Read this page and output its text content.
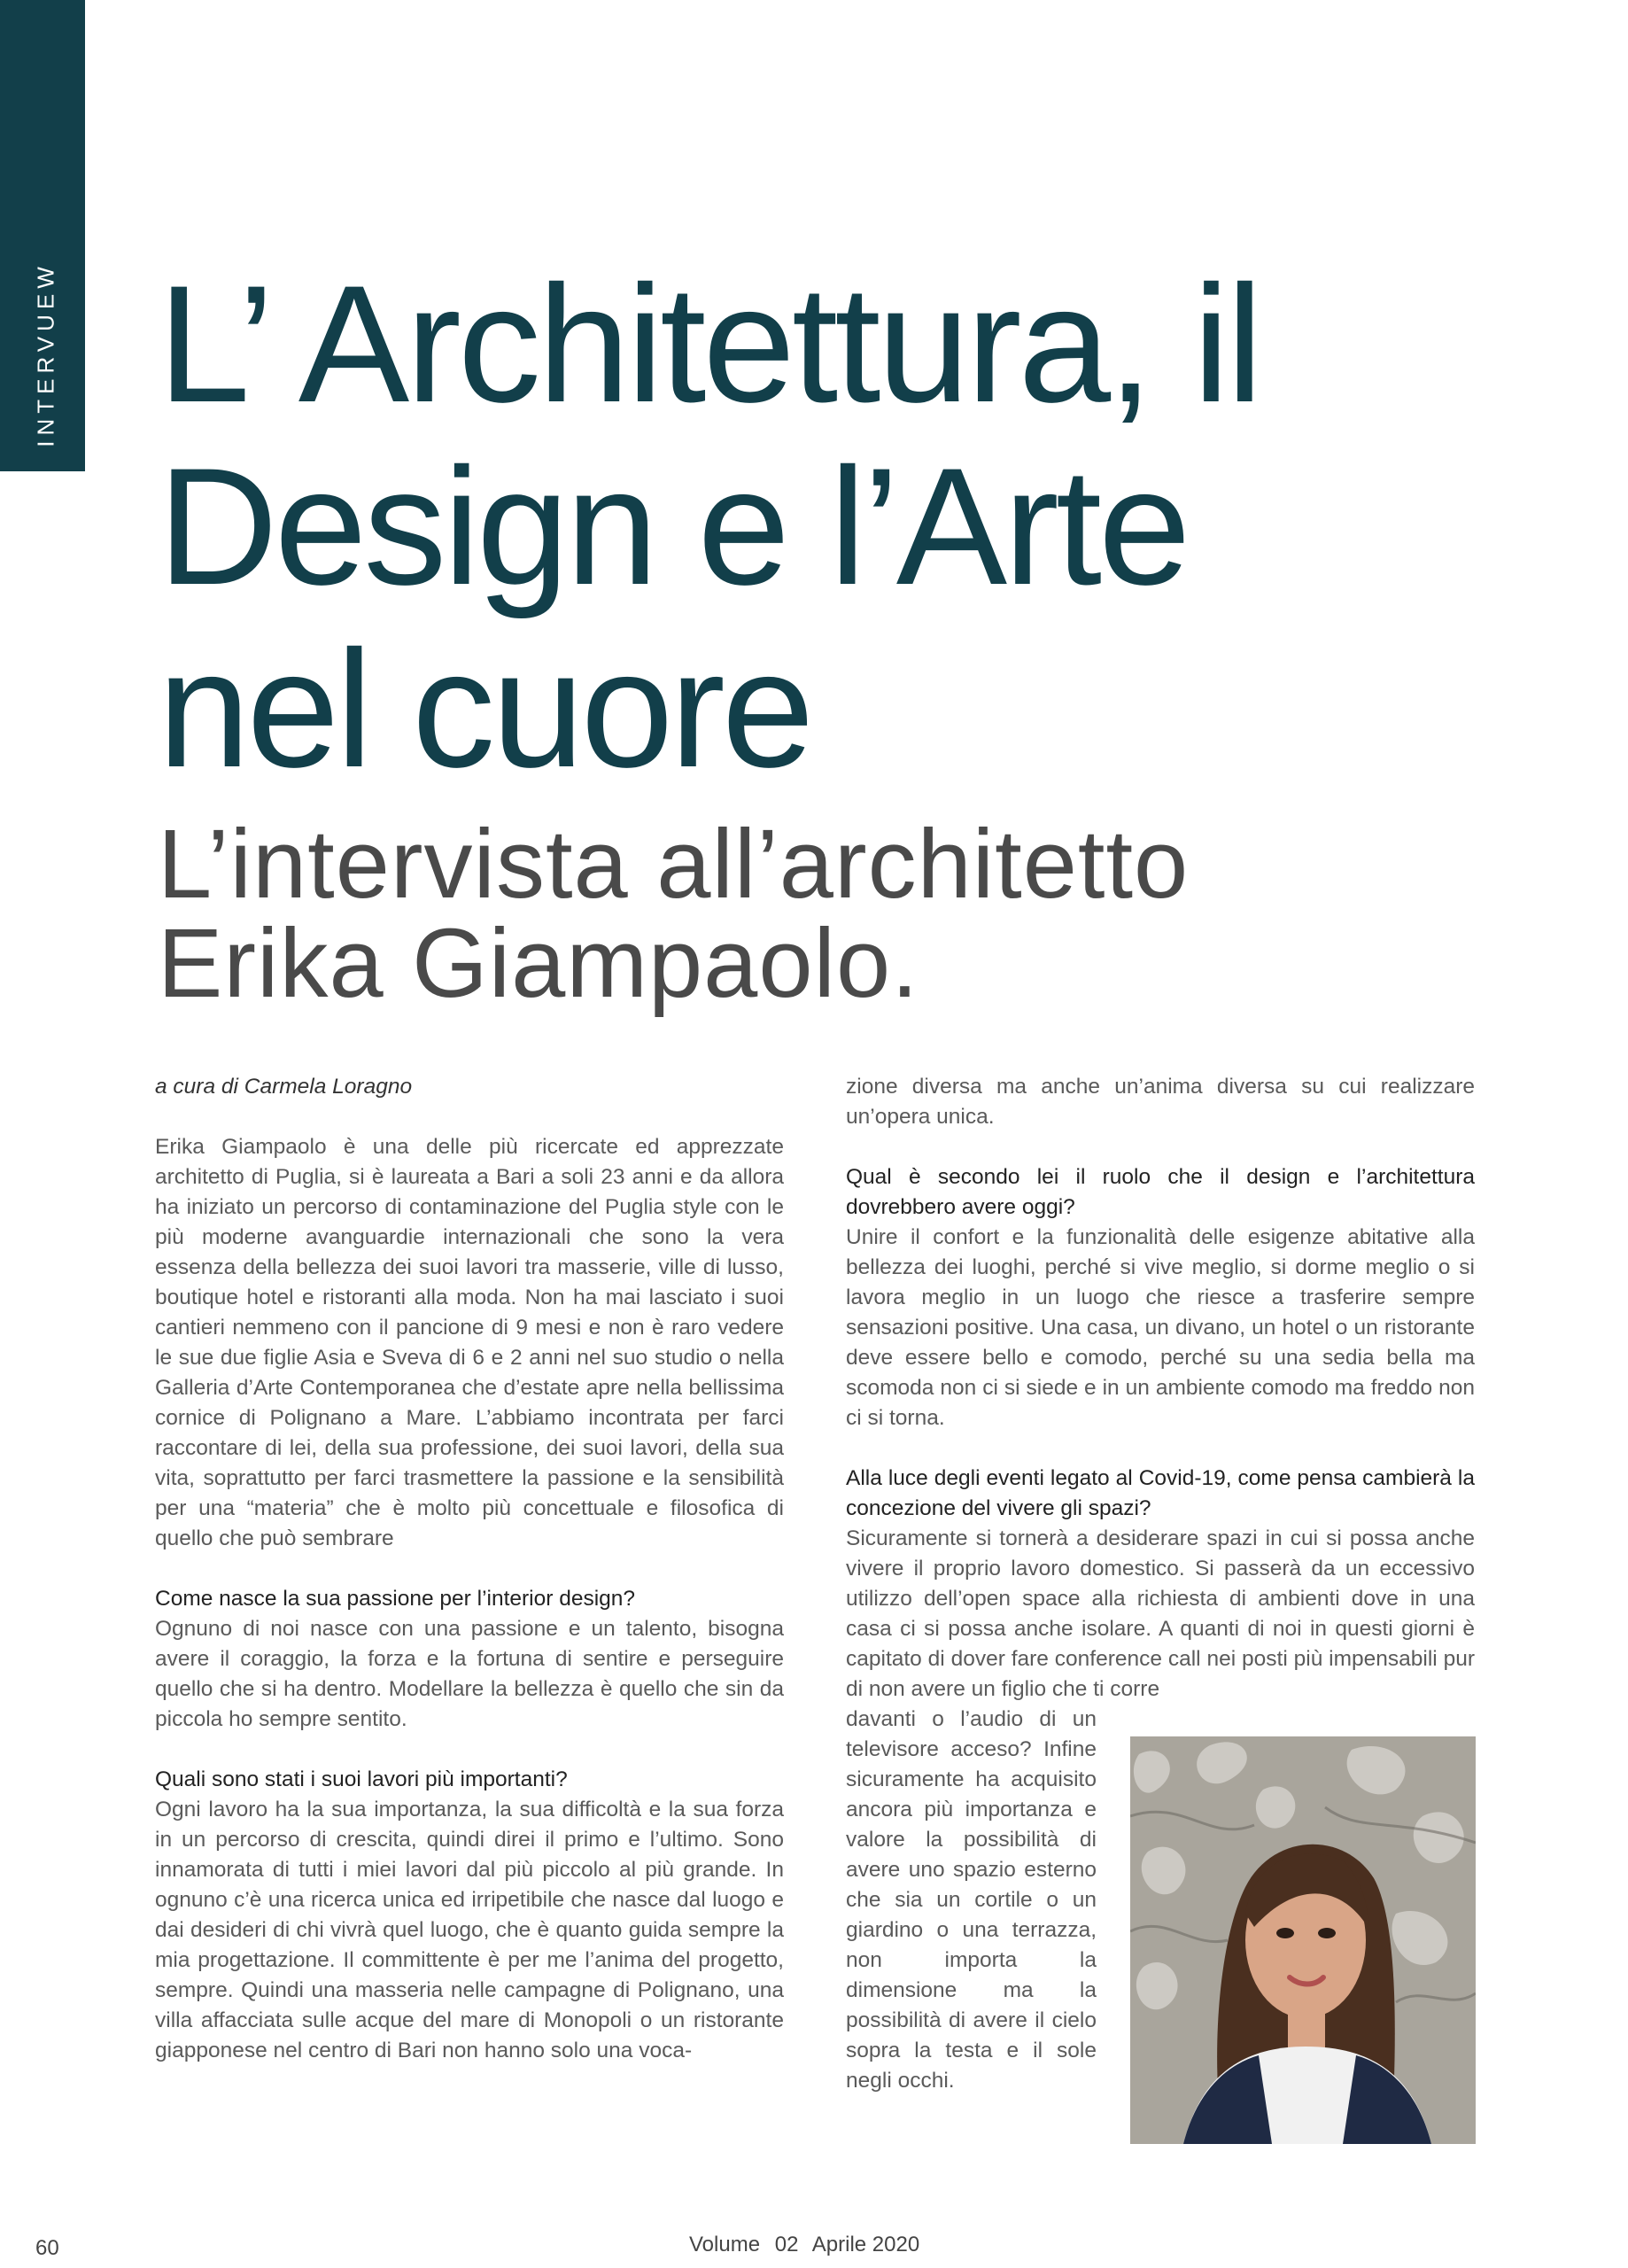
INTERVUEW L’ Architettura, il
Design e l’Arte
nel cuore
L’intervista all’architetto
Erika Giampaolo.

a cura di Carmela Loragno

Erika Giampaolo è una delle più ricercate ed apprezzate architetto di Puglia, si è laureata a Bari a soli 23 anni e da allora ha iniziato un percorso di contaminazione del Puglia style con le più moderne avanguardie internazionali che sono la vera essenza della bellezza dei suoi lavori tra masserie, ville di lusso, boutique hotel e ristoranti alla moda. Non ha mai lasciato i suoi cantieri nemmeno con il pancione di 9 mesi e non è raro vedere le sue due figlie Asia e Sveva di 6 e 2 anni nel suo studio o nella Galleria d’Arte Contemporanea che d’estate apre nella bellissima cornice di Polignano a Mare. L’abbiamo incontrata per farci raccontare di lei, della sua professione, dei suoi lavori, della sua vita, soprattutto per farci trasmettere la passione e la sensibilità per una “materia” che è molto più concettuale e filosofica di quello che può sembrare

Come nasce la sua passione per l’interior design?
Ognuno di noi nasce con una passione e un talento, bisogna avere il coraggio, la forza e la fortuna di sentire e perseguire quello che si ha dentro. Modellare la bellezza è quello che sin da piccola ho sempre sentito.

Quali sono stati i suoi lavori più importanti?
Ogni lavoro ha la sua importanza, la sua difficoltà e la sua forza in un percorso di crescita, quindi direi il primo e l’ultimo. Sono innamorata di tutti i miei lavori dal più piccolo al più grande. In ognuno c’è una ricerca unica ed irripetibile che nasce dal luogo e dai desideri di chi vivrà quel luogo, che è quanto guida sempre la mia progettazione. Il committente è per me l’anima del progetto, sempre. Quindi una masseria nelle campagne di Polignano, una villa affacciata sulle acque del mare di Monopoli o un ristorante giapponese nel centro di Bari non hanno solo una voca-

zione diversa ma anche un’anima diversa su cui realizzare un’opera unica.

Qual è secondo lei il ruolo che il design e l’architettura dovrebbero avere oggi?
Unire il confort e la funzionalità delle esigenze abitative alla bellezza dei luoghi, perché si vive meglio, si dorme meglio o si lavora meglio in un luogo che riesce a trasferire sempre sensazioni positive. Una casa, un divano, un hotel o un ristorante deve essere bello e comodo, perché su una sedia bella ma scomoda non ci si siede e in un ambiente comodo ma freddo non ci si torna.

Alla luce degli eventi legato al Covid-19, come pensa cambierà la concezione del vivere gli spazi?
Sicuramente si tornerà a desiderare spazi in cui si possa anche vivere il proprio lavoro domestico. Si passerà da un eccessivo utilizzo dell’open space alla richiesta di ambienti dove in una casa ci si possa anche isolare. A quanti di noi in questi giorni è capitato di dover fare conference call nei posti più impensabili pur di non avere un figlio che ti corre

davanti o l’audio di un televisore acceso? Infine sicuramente ha acquisito ancora più importanza e valore la possibilità di avere uno spazio esterno che sia un cortile o un giardino o una terrazza, non importa la dimensione ma la possibilità di avere il cielo sopra la testa e il sole negli occhi.
60	Volume 02 Aprile 2020
